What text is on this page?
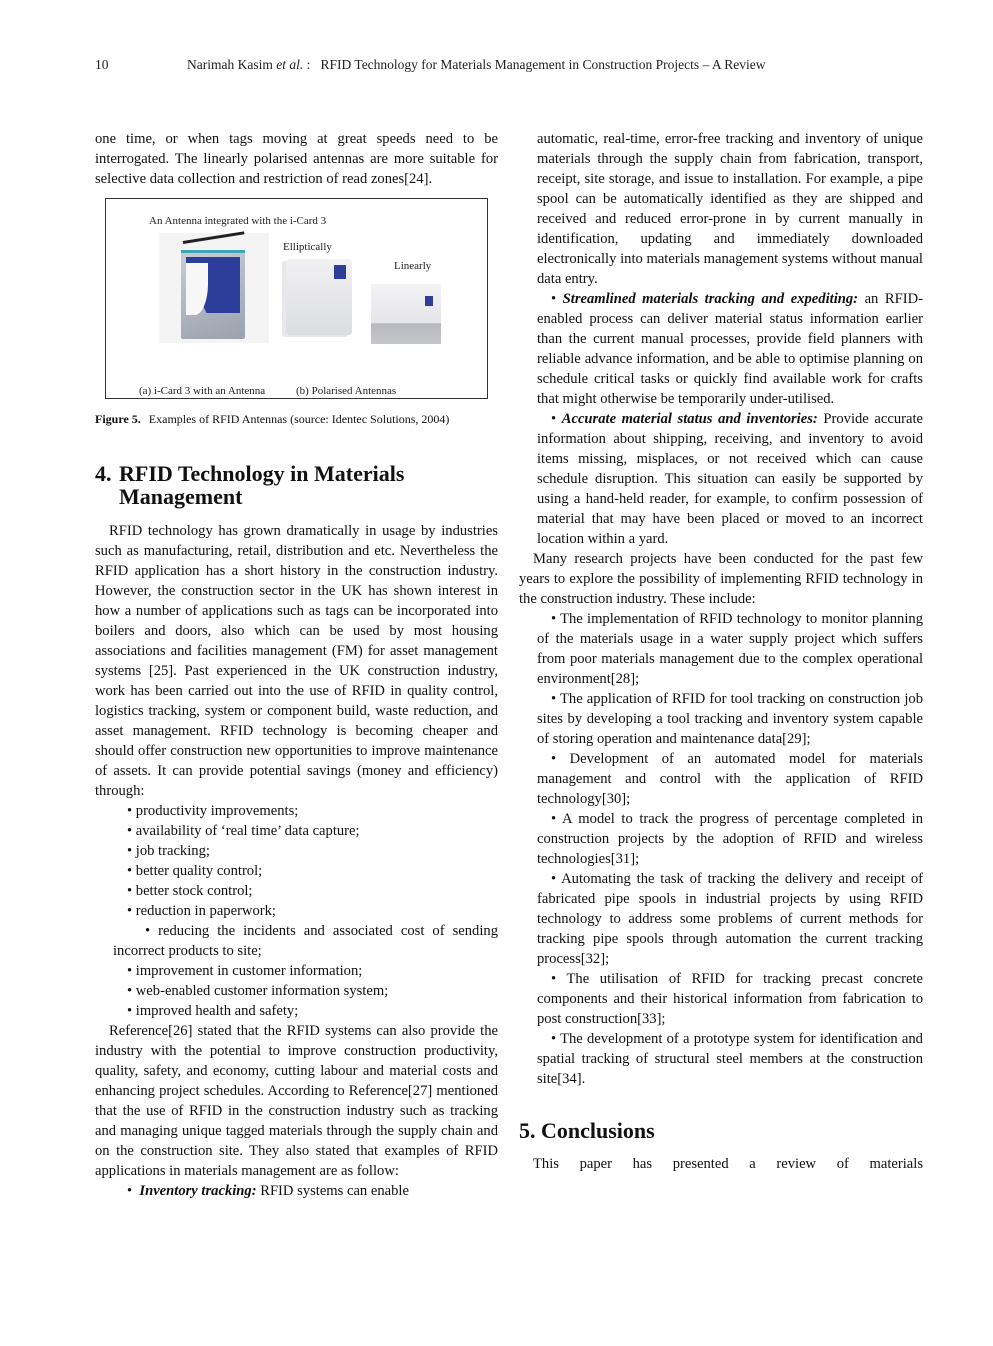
10	Narimah Kasim et al. :   RFID Technology for Materials Management in Construction Projects – A Review

one time, or when tags moving at great speeds need to be interrogated. The linearly polarised antennas are more suitable for selective data collection and restriction of read zones[24].

An Antenna integrated with the i-Card 3
Elliptically
Linearly
(a) i-Card 3 with an Antenna	(b) Polarised Antennas
Figure 5. Examples of RFID Antennas (source: Identec Solutions, 2004)
4. RFID Technology in Materials
Management

RFID technology has grown dramatically in usage by industries such as manufacturing, retail, distribution and etc. Nevertheless the RFID application has a short history in the construction industry. However, the construction sector in the UK has shown interest in how a number of applications such as tags can be incorporated into boilers and doors, also which can be used by most housing associations and facilities management (FM) for asset management systems [25]. Past experienced in the UK construction industry, work has been carried out into the use of RFID in quality control, logistics tracking, system or component build, waste reduction, and asset management. RFID technology is becoming cheaper and should offer construction new opportunities to improve maintenance of assets. It can provide potential savings (money and efficiency) through:

• productivity improvements;

• availability of ‘real time’ data capture;

• job tracking;

• better quality control;

• better stock control;

• reduction in paperwork;

• reducing the incidents and associated cost of sending incorrect products to site;

• improvement in customer information;

• web-enabled customer information system;

• improved health and safety;

Reference[26] stated that the RFID systems can also provide the industry with the potential to improve construction productivity, quality, safety, and economy, cutting labour and material costs and enhancing project schedules. According to Reference[27] mentioned that the use of RFID in the construction industry such as tracking and managing unique tagged materials through the supply chain and on the construction site. They also stated that examples of RFID applications in materials management are as follow:

•  Inventory tracking: RFID systems can enable

automatic, real-time, error-free tracking and inventory of unique materials through the supply chain from fabrication, transport, receipt, site storage, and issue to installation. For example, a pipe spool can be automatically identified as they are shipped and received and reduced error-prone in by current manually in identification, updating and immediately downloaded electronically into materials management systems without manual data entry.

• Streamlined materials tracking and expediting: an RFID-enabled process can deliver material status information earlier than the current manual processes, provide field planners with reliable advance information, and be able to optimise planning on schedule critical tasks or quickly find available work for crafts that might otherwise be temporarily under-utilised.

• Accurate material status and inventories: Provide accurate information about shipping, receiving, and inventory to avoid items missing, misplaces, or not received which can cause schedule disruption. This situation can easily be supported by using a hand-held reader, for example, to confirm possession of material that may have been placed or moved to an incorrect location within a yard.

Many research projects have been conducted for the past few years to explore the possibility of implementing RFID technology in the construction industry. These include:

• The implementation of RFID technology to monitor planning of the materials usage in a water supply project which suffers from poor materials management due to the complex operational environment[28];

• The application of RFID for tool tracking on construction job sites by developing a tool tracking and inventory system capable of storing operation and maintenance data[29];

• Development of an automated model for materials management and control with the application of RFID technology[30];

• A model to track the progress of percentage completed in construction projects by the adoption of RFID and wireless technologies[31];

• Automating the task of tracking the delivery and receipt of fabricated pipe spools in industrial projects by using RFID technology to address some problems of current methods for tracking pipe spools through automation the current tracking process[32];

• The utilisation of RFID for tracking precast concrete components and their historical information from fabrication to post construction[33];

• The development of a prototype system for identification and spatial tracking of structural steel members at the construction site[34].

5. Conclusions

This paper has presented a review of materials
